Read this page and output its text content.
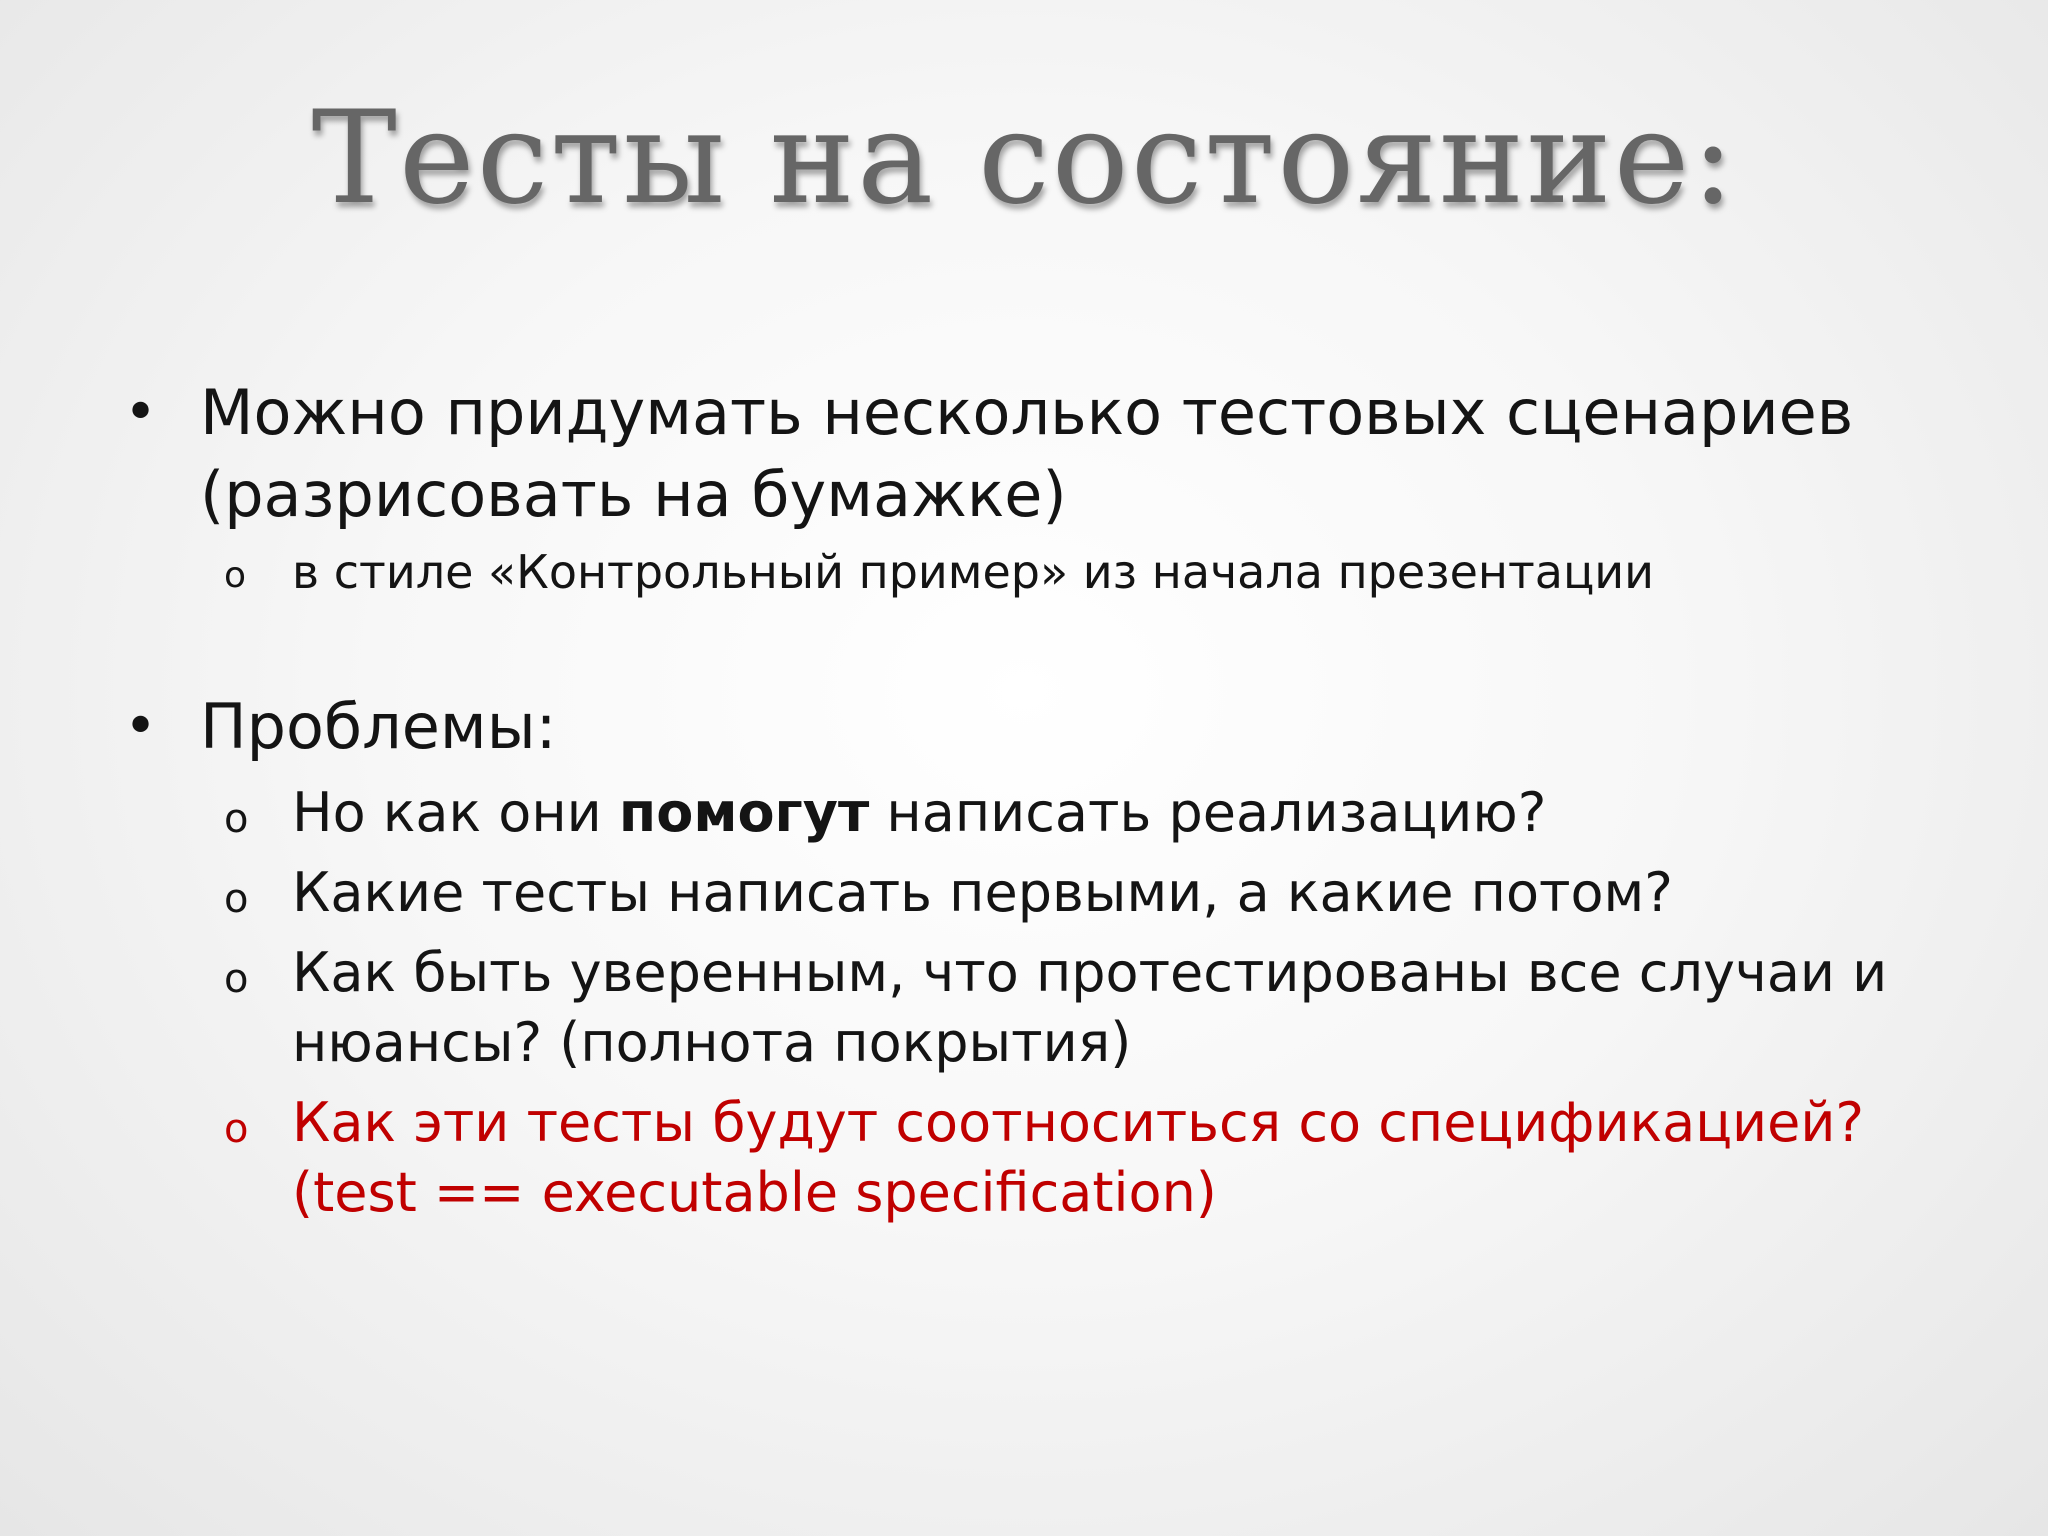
Тесты на состояние:
• Можно придумать несколько тестовых сценариев (разрисовать на бумажке)
o в стиле «Контрольный пример» из начала презентации
• Проблемы:
o Но как они помогут написать реализацию?
o Какие тесты написать первыми, а какие потом?
o Как быть уверенным, что протестированы все случаи и нюансы? (полнота покрытия)
o Как эти тесты будут соотноситься со спецификацией? (test == executable specification)
